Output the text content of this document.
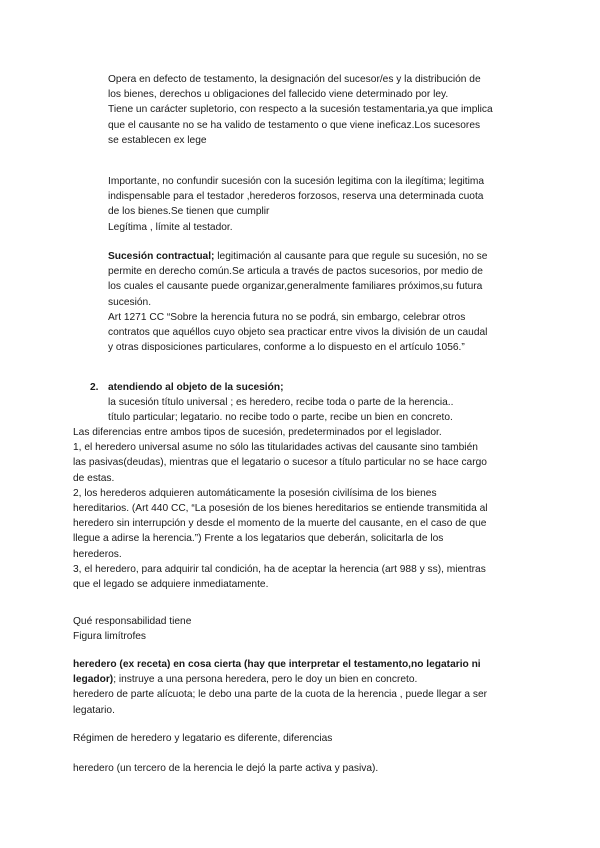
Opera en defecto de testamento, la designación del sucesor/es y la distribución de
los bienes, derechos u obligaciones del fallecido viene determinado por ley.
Tiene un carácter supletorio, con respecto a la sucesión testamentaria,ya que implica
que el causante no se ha valido de testamento o que viene ineficaz.Los sucesores
se establecen ex lege
Importante, no confundir sucesión con la sucesión legitima con la ilegítima; legitima
indispensable para el testador ,herederos forzosos, reserva una determinada cuota
de los bienes.Se tienen que cumplir
Legítima , límite al testador.
Sucesión contractual; legitimación al causante para que regule su sucesión, no se
permite en derecho común.Se articula a través de pactos sucesorios, por medio de
los cuales el causante puede organizar,generalmente familiares próximos,su futura
sucesión.
Art 1271 CC “Sobre la herencia futura no se podrá, sin embargo, celebrar otros
contratos que aquéllos cuyo objeto sea practicar entre vivos la división de un caudal
y otras disposiciones particulares, conforme a lo dispuesto en el artículo 1056.”
2. atendiendo al objeto de la sucesión;
la sucesión título universal ; es heredero, recibe toda o parte de la herencia..
título particular; legatario. no recibe todo o parte, recibe un bien en concreto.
Las diferencias entre ambos tipos de sucesión, predeterminados por el legislador.
1, el heredero universal asume no sólo las titularidades activas del causante sino también
las pasivas(deudas), mientras que el legatario o sucesor a título particular no se hace cargo
de estas.
2, los herederos adquieren automáticamente la posesión civilísima de los bienes
hereditarios. (Art 440 CC, “La posesión de los bienes hereditarios se entiende transmitida al
heredero sin interrupción y desde el momento de la muerte del causante, en el caso de que
llegue a adirse la herencia.”) Frente a los legatarios que deberán, solicitarla de los
herederos.
3, el heredero, para adquirir tal condición, ha de aceptar la herencia (art 988 y ss), mientras
que el legado se adquiere inmediatamente.
Qué responsabilidad tiene
Figura limítrofes
heredero (ex receta) en cosa cierta (hay que interpretar el testamento,no legatario ni
legador); instruye a una persona heredera, pero le doy un bien en concreto.
heredero de parte alícuota; le debo una parte de la cuota de la herencia , puede llegar a ser
legatario.
Régimen de heredero y legatario es diferente, diferencias
heredero (un tercero de la herencia le dejó la parte activa y pasiva).
